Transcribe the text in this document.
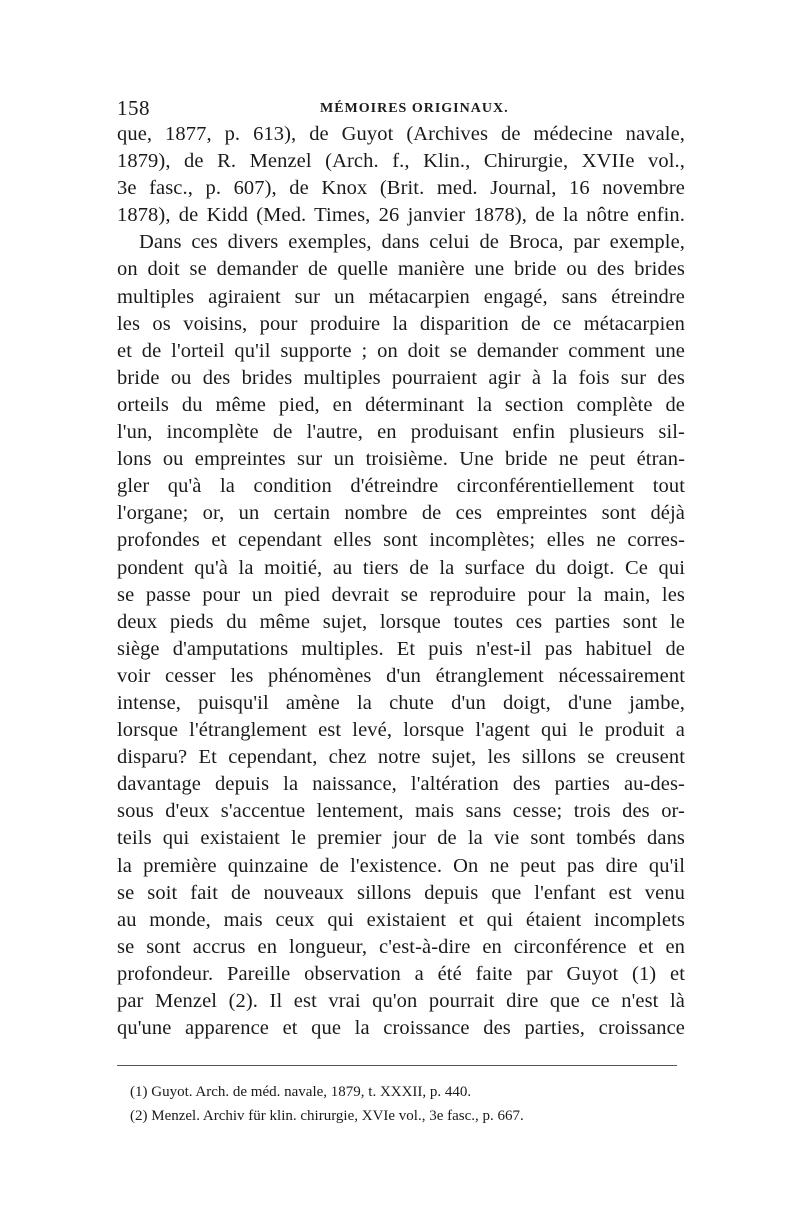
158	MÉMOIRES ORIGINAUX.
que, 1877, p. 613), de Guyot (Archives de médecine navale,
1879), de R. Menzel (Arch. f., Klin., Chirurgie, XVIIe vol.,
3e fasc., p. 607), de Knox (Brit. med. Journal, 16 novembre
1878), de Kidd (Med. Times, 26 janvier 1878), de la nôtre enfin.
Dans ces divers exemples, dans celui de Broca, par exemple,
on doit se demander de quelle manière une bride ou des brides
multiples agiraient sur un métacarpien engagé, sans étreindre
les os voisins, pour produire la disparition de ce métacarpien
et de l'orteil qu'il supporte ; on doit se demander comment une
bride ou des brides multiples pourraient agir à la fois sur des
orteils du même pied, en déterminant la section complète de
l'un, incomplète de l'autre, en produisant enfin plusieurs sil-
lons ou empreintes sur un troisième. Une bride ne peut étran-
gler qu'à la condition d'étreindre circonférentiellement tout
l'organe; or, un certain nombre de ces empreintes sont déjà
profondes et cependant elles sont incomplètes; elles ne corres-
pondent qu'à la moitié, au tiers de la surface du doigt. Ce qui
se passe pour un pied devrait se reproduire pour la main, les
deux pieds du même sujet, lorsque toutes ces parties sont le
siège d'amputations multiples. Et puis n'est-il pas habituel de
voir cesser les phénomènes d'un étranglement nécessairement
intense, puisqu'il amène la chute d'un doigt, d'une jambe,
lorsque l'étranglement est levé, lorsque l'agent qui le produit a
disparu? Et cependant, chez notre sujet, les sillons se creusent
davantage depuis la naissance, l'altération des parties au-des-
sous d'eux s'accentue lentement, mais sans cesse; trois des or-
teils qui existaient le premier jour de la vie sont tombés dans
la première quinzaine de l'existence. On ne peut pas dire qu'il
se soit fait de nouveaux sillons depuis que l'enfant est venu
au monde, mais ceux qui existaient et qui étaient incomplets
se sont accrus en longueur, c'est-à-dire en circonférence et en
profondeur. Pareille observation a été faite par Guyot (1) et
par Menzel (2). Il est vrai qu'on pourrait dire que ce n'est là
qu'une apparence et que la croissance des parties, croissance
(1) Guyot. Arch. de méd. navale, 1879, t. XXXII, p. 440.
(2) Menzel. Archiv für klin. chirurgie, XVIe vol., 3e fasc., p. 667.
